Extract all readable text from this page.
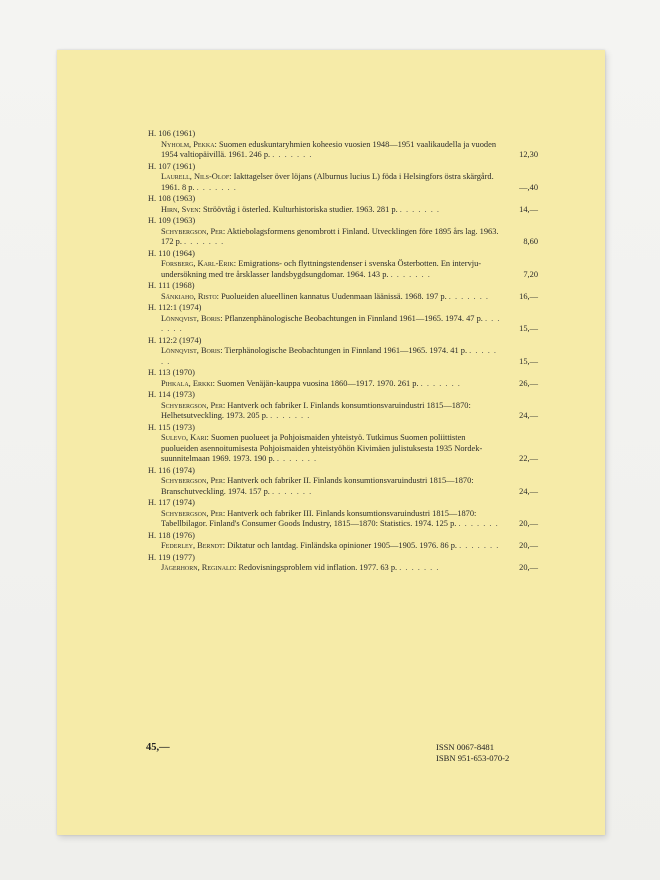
H. 106 (1961)
Nyholm, Pekka: Suomen eduskuntaryhmien koheesio vuosien 1948—1951 vaalikaudella ja vuoden 1954 valtiopäivillä. 1961. 246 p. . . . . . . .	12,30
H. 107 (1961)
Laurell, Nils-Olof: Iakttagelser över löjans (Alburnus lucius L) föda i Helsingfors östra skärgård. 1961. 8 p. . . . . . . .	—,40
H. 108 (1963)
Hirn, Sven: Ströövtåg i österled. Kulturhistoriska studier. 1963. 281 p. . . . . . . .	14,—
H. 109 (1963)
Schybergson, Per: Aktiebolagsformens genombrott i Finland. Utvecklingen före 1895 års lag. 1963. 172 p. . . . . . . .	8,60
H. 110 (1964)
Forsberg, Karl-Erik: Emigrations- och flyttningstendenser i svenska Österbotten. En intervju-undersökning med tre årsklasser landsbygdsungdomar. 1964. 143 p. . . . . . . .	7,20
H. 111 (1968)
Sänkiaho, Risto: Puolueiden alueellinen kannatus Uudenmaan läänissä. 1968. 197 p. . . . . . . .	16,—
H. 112:1 (1974)
Lönnqvist, Boris: Pflanzenphänologische Beobachtungen in Finnland 1961—1965. 1974. 47 p. . . . . . . .	15,—
H. 112:2 (1974)
Lönnqvist, Boris: Tierphänologische Beobachtungen in Finnland 1961—1965. 1974. 41 p. . . . . . . .	15,—
H. 113 (1970)
Pihkala, Erkki: Suomen Venäjän-kauppa vuosina 1860—1917. 1970. 261 p. . . . . . . .	26,—
H. 114 (1973)
Schybergson, Per: Hantverk och fabriker I. Finlands konsumtionsvaruindustri 1815—1870: Helhetsutveckling. 1973. 205 p. . . . . . . .	24,—
H. 115 (1973)
Sulevo, Kari: Suomen puolueet ja Pohjoismaiden yhteistyö. Tutkimus Suomen poliittisten puolueiden asennoitumisesta Pohjoismaiden yhteistyöhön Kivimäen julistuksesta 1935 Nordek-suunnitelmaan 1969. 1973. 190 p. . . . . . . .	22,—
H. 116 (1974)
Schybergson, Per: Hantverk och fabriker II. Finlands konsumtionsvaruindustri 1815—1870: Branschutveckling. 1974. 157 p. . . . . . . .	24,—
H. 117 (1974)
Schybergson, Per: Hantverk och fabriker III. Finlands konsumtionsvaruindustri 1815—1870: Tabellbilagor. Finland's Consumer Goods Industry, 1815—1870: Statistics. 1974. 125 p. . . . . . . .	20,—
H. 118 (1976)
Federley, Berndt: Diktatur och lantdag. Finländska opinioner 1905—1905. 1976. 86 p. . . . . . . .	20,—
H. 119 (1977)
Jägerhorn, Reginald: Redovisningsproblem vid inflation. 1977. 63 p. . . . . . . .	20,—
45,—	ISSN 0067-8481
ISBN 951-653-070-2
